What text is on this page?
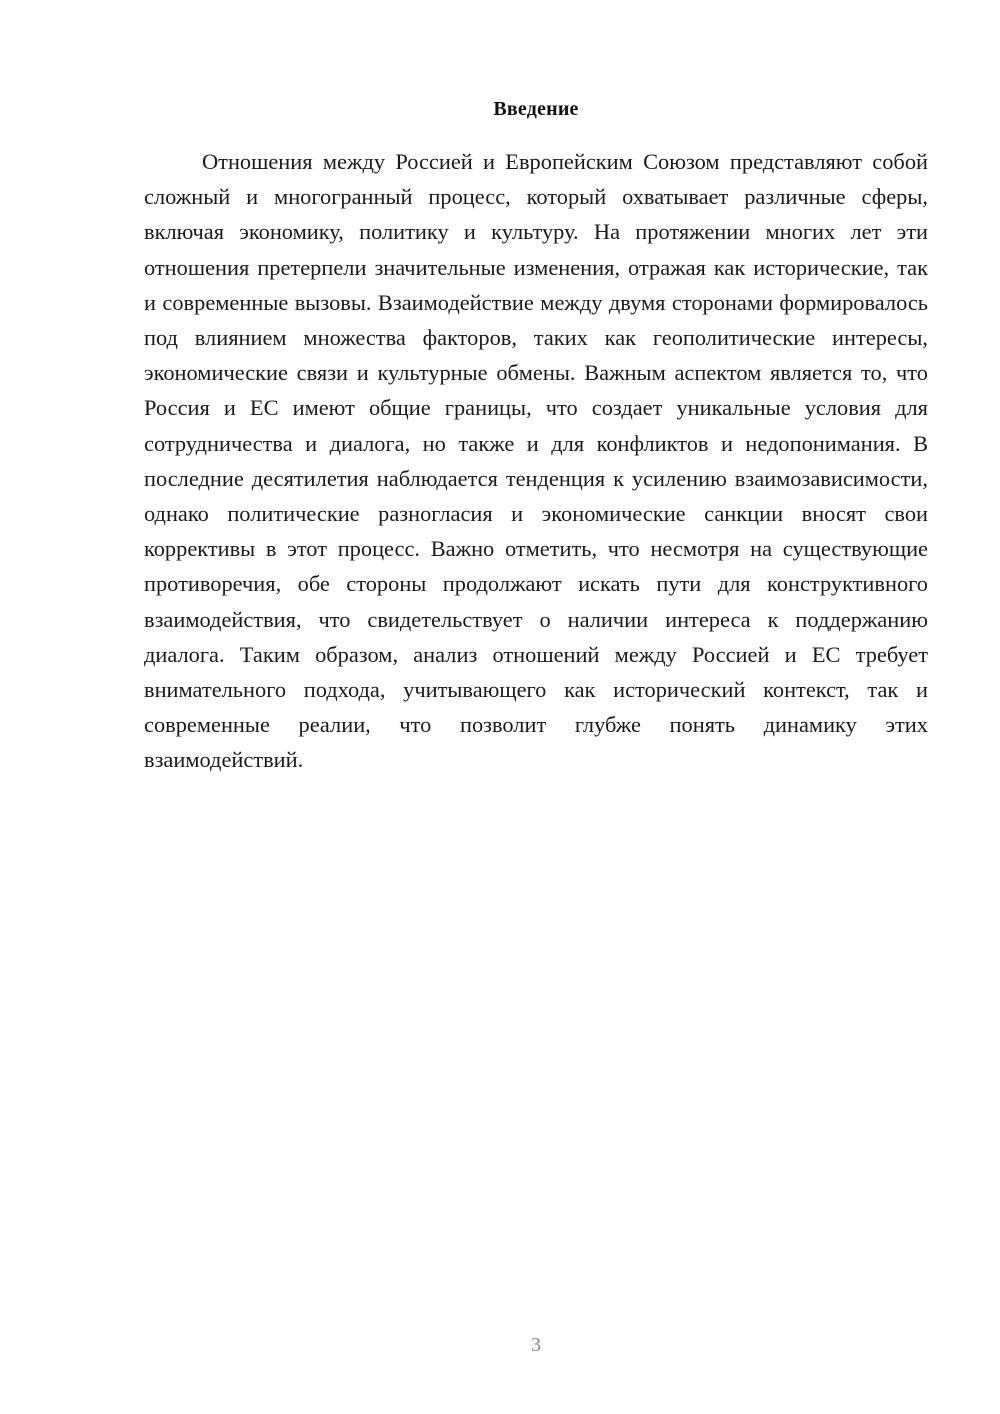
Введение

Отношения между Россией и Европейским Союзом представляют собой сложный и многогранный процесс, который охватывает различные сферы, включая экономику, политику и культуру. На протяжении многих лет эти отношения претерпели значительные изменения, отражая как исторические, так и современные вызовы. Взаимодействие между двумя сторонами формировалось под влиянием множества факторов, таких как геополитические интересы, экономические связи и культурные обмены. Важным аспектом является то, что Россия и ЕС имеют общие границы, что создает уникальные условия для сотрудничества и диалога, но также и для конфликтов и недопонимания. В последние десятилетия наблюдается тенденция к усилению взаимозависимости, однако политические разногласия и экономические санкции вносят свои коррективы в этот процесс. Важно отметить, что несмотря на существующие противоречия, обе стороны продолжают искать пути для конструктивного взаимодействия, что свидетельствует о наличии интереса к поддержанию диалога. Таким образом, анализ отношений между Россией и ЕС требует внимательного подхода, учитывающего как исторический контекст, так и современные реалии, что позволит глубже понять динамику этих взаимодействий.

3
